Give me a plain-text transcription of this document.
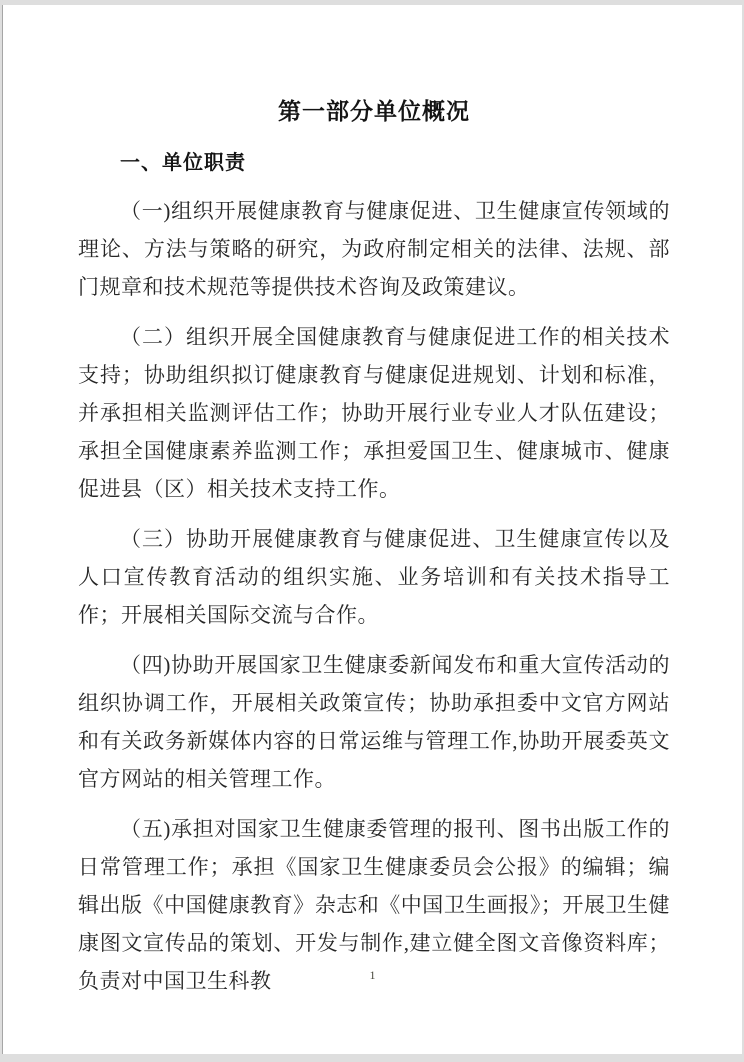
第一部分单位概况
一、单位职责

（一)组织开展健康教育与健康促进、卫生健康宣传领域的理论、方法与策略的研究，为政府制定相关的法律、法规、部门规章和技术规范等提供技术咨询及政策建议。

（二）组织开展全国健康教育与健康促进工作的相关技术支持；协助组织拟订健康教育与健康促进规划、计划和标准，并承担相关监测评估工作；协助开展行业专业人才队伍建设；承担全国健康素养监测工作；承担爱国卫生、健康城市、健康促进县（区）相关技术支持工作。

（三）协助开展健康教育与健康促进、卫生健康宣传以及人口宣传教育活动的组织实施、业务培训和有关技术指导工作；开展相关国际交流与合作。

（四)协助开展国家卫生健康委新闻发布和重大宣传活动的组织协调工作，开展相关政策宣传；协助承担委中文官方网站和有关政务新媒体内容的日常运维与管理工作,协助开展委英文官方网站的相关管理工作。

（五)承担对国家卫生健康委管理的报刊、图书出版工作的日常管理工作；承担《国家卫生健康委员会公报》的编辑；编辑出版《中国健康教育》杂志和《中国卫生画报》；开展卫生健康图文宣传品的策划、开发与制作,建立健全图文音像资料库；负责对中国卫生科教	1
